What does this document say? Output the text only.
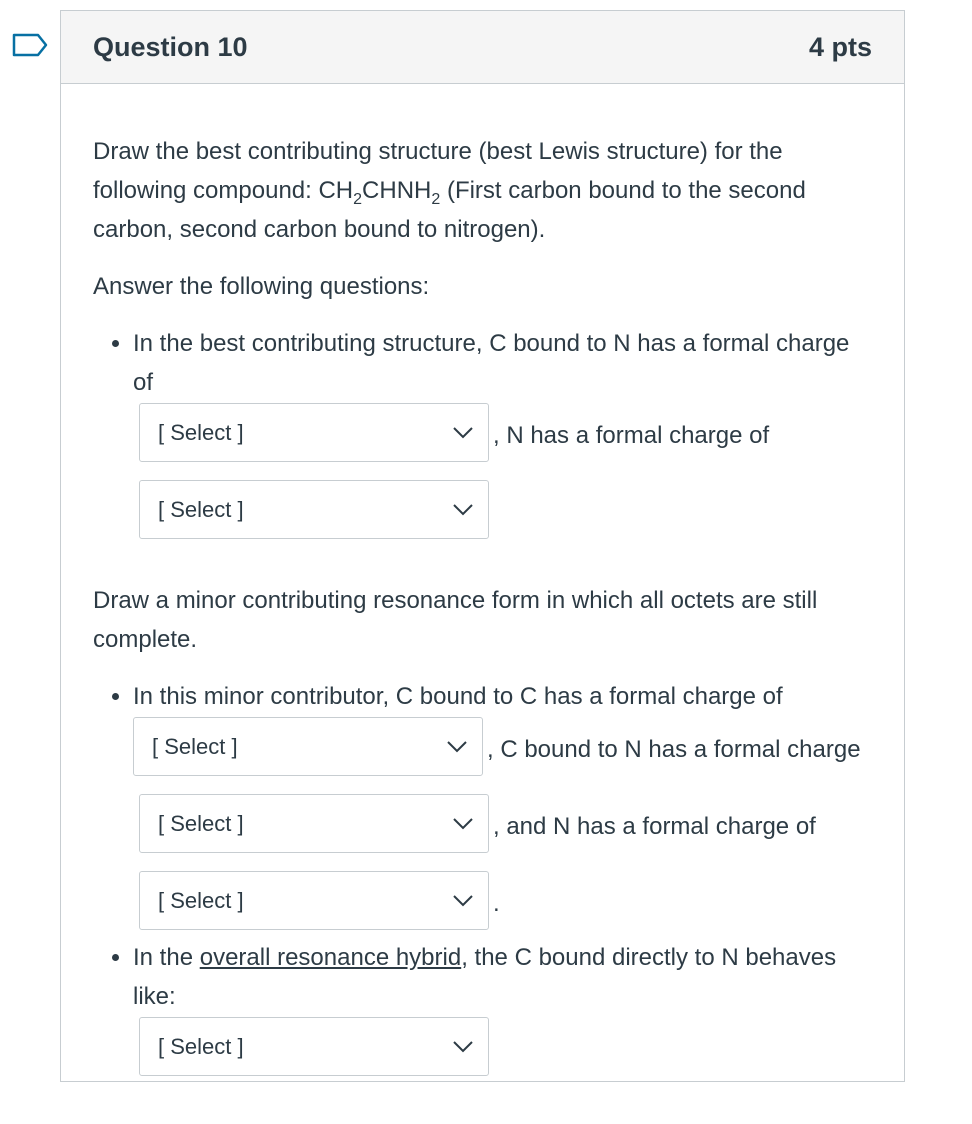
Question 10	4 pts

Draw the best contributing structure (best Lewis structure) for the following compound: $CH_2CHNH_2$ (First carbon bound to the second carbon, second carbon bound to nitrogen).

Answer the following questions:

• In the best contributing structure, C bound to N has a formal charge of
[ Select ]	, N has a formal charge of

[ Select ]

Draw a minor contributing resonance form in which all octets are still complete.

• In this minor contributor, C bound to C has a formal charge of
[ Select ]	, C bound to N has a formal charge

[ Select ]	, and N has a formal charge of

[ Select ]	.
• In the overall resonance hybrid, the C bound directly to N behaves like:
[ Select ]
